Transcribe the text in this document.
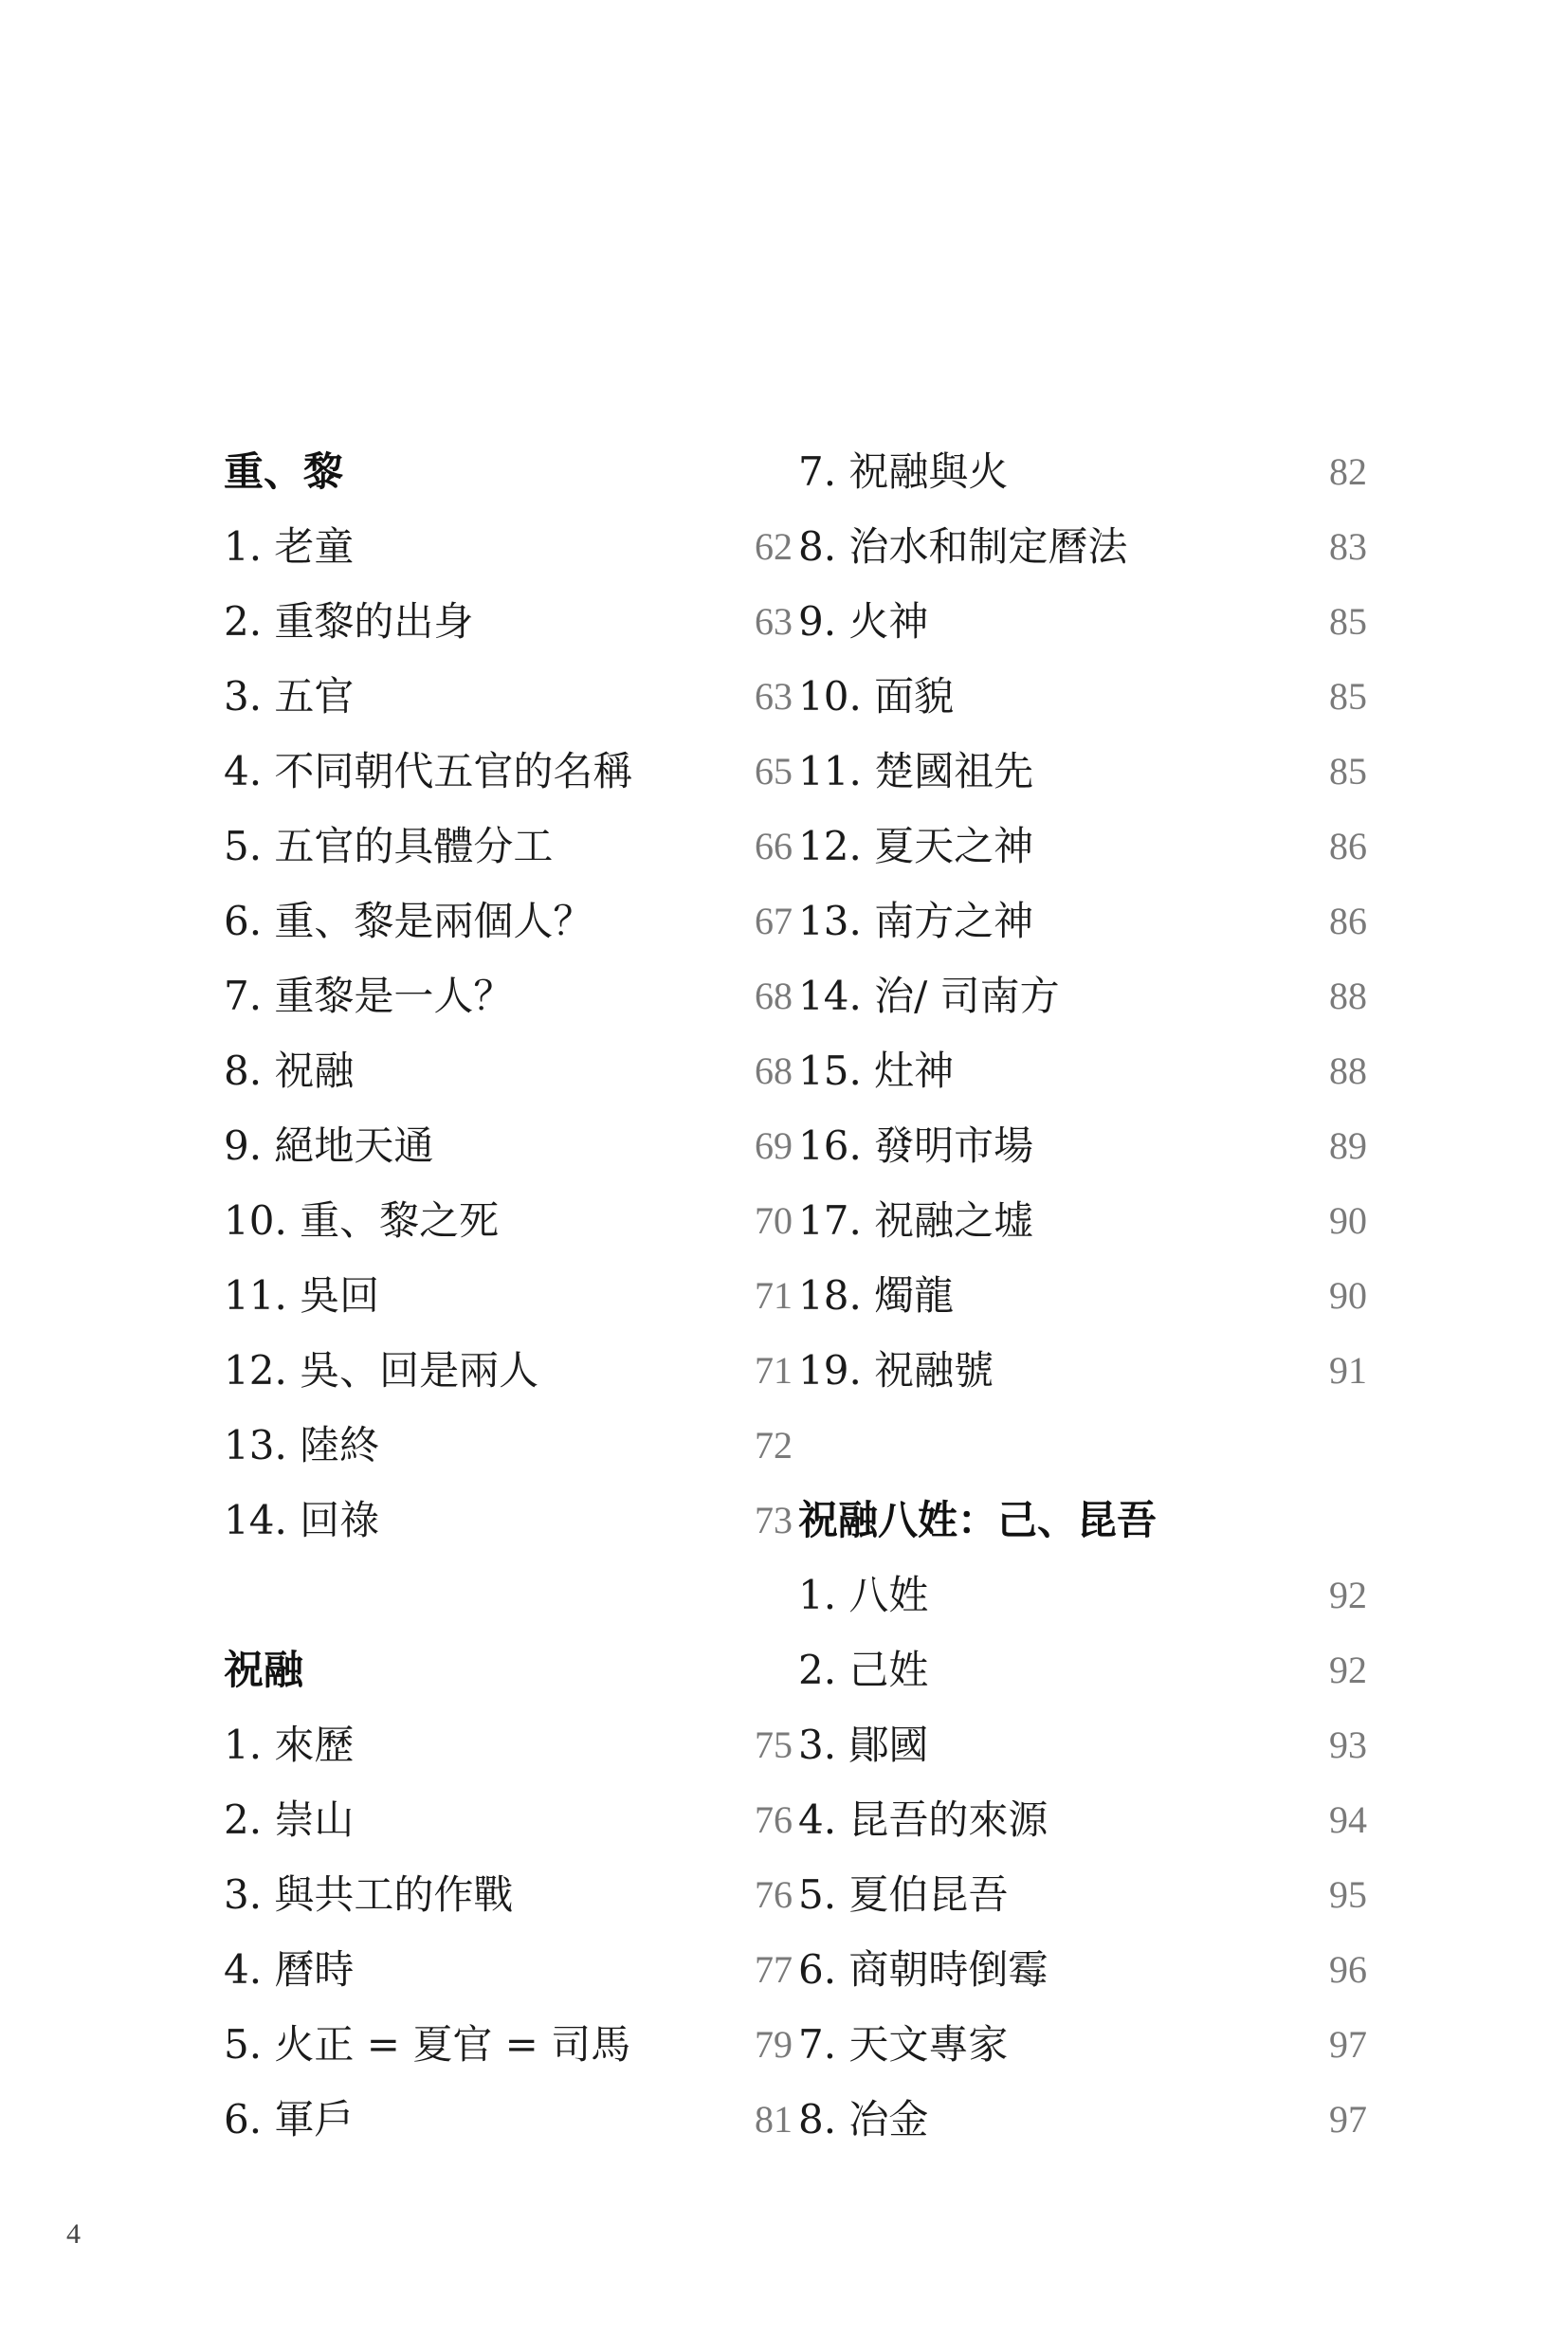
重、黎
1. 老童	62
2. 重黎的出身	63
3. 五官	63
4. 不同朝代五官的名稱	65
5. 五官的具體分工	66
6. 重、黎是兩個人？	67
7. 重黎是一人？	68
8. 祝融	68
9. 絕地天通	69
10. 重、黎之死	70
11. 吳回	71
12. 吳、回是兩人	71
13. 陸終	72
14. 回祿	73
祝融
1. 來歷	75
2. 崇山	76
3. 與共工的作戰	76
4. 曆時	77
5. 火正 = 夏官 = 司馬	79
6. 軍戶	81
7. 祝融與火	82
8. 治水和制定曆法	83
9. 火神	85
10. 面貌	85
11. 楚國祖先	85
12. 夏天之神	86
13. 南方之神	86
14. 治/ 司南方	88
15. 灶神	88
16. 發明市場	89
17. 祝融之墟	90
18. 燭龍	90
19. 祝融號	91
祝融八姓：己、昆吾
1. 八姓	92
2. 己姓	92
3. 鄖國	93
4. 昆吾的來源	94
5. 夏伯昆吾	95
6. 商朝時倒霉	96
7. 天文專家	97
8. 冶金	97
4
